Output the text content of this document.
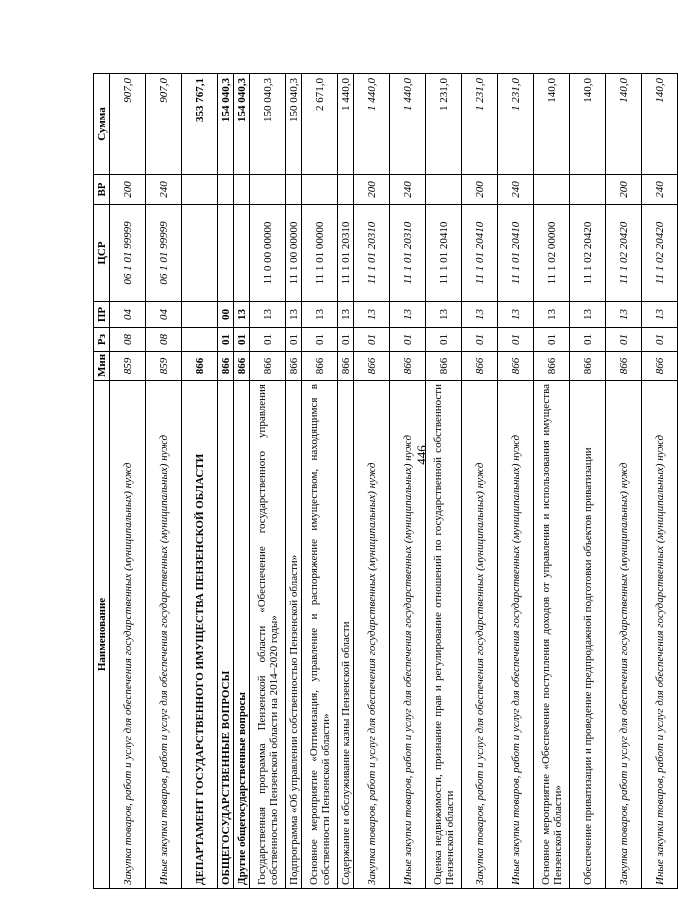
446
Наименование	Мин	Рз	ПР	ЦСР	ВР	Сумма
Закупка товаров, работ и услуг для обеспечения государственных (муниципальных) нужд	859	08	04	06 1 01 99999	200	907,0
Иные закупки товаров, работ и услуг для обеспечения государственных (муниципальных) нужд	859	08	04	06 1 01 99999	240	907,0
ДЕПАРТАМЕНТ ГОСУДАРСТВЕННОГО ИМУЩЕСТВА ПЕНЗЕНСКОЙ ОБЛАСТИ	866					353 767,1
ОБЩЕГОСУДАРСТВЕННЫЕ ВОПРОСЫ	866	01	00			154 040,3
Другие общегосударственные вопросы	866	01	13			154 040,3
Государственная программа Пензенской области «Обеспечение государственного управления собственностью Пензенской области на 2014–2020 годы»	866	01	13	11 0 00 00000		150 040,3
Подпрограмма «Об управлении собственностью Пензенской области»	866	01	13	11 1 00 00000		150 040,3
Основное мероприятие «Оптимизация, управление и распоряжение имуществом, находящимся в собственности Пензенской области»	866	01	13	11 1 01 00000		2 671,0
Содержание и обслуживание казны Пензенской области	866	01	13	11 1 01 20310		1 440,0
Закупка товаров, работ и услуг для обеспечения государственных (муниципальных) нужд	866	01	13	11 1 01 20310	200	1 440,0
Иные закупки товаров, работ и услуг для обеспечения государственных (муниципальных) нужд	866	01	13	11 1 01 20310	240	1 440,0
Оценка недвижимости, признание прав и регулирование отношений по государственной собственности Пензенской области	866	01	13	11 1 01 20410		1 231,0
Закупка товаров, работ и услуг для обеспечения государственных (муниципальных) нужд	866	01	13	11 1 01 20410	200	1 231,0
Иные закупки товаров, работ и услуг для обеспечения государственных (муниципальных) нужд	866	01	13	11 1 01 20410	240	1 231,0
Основное мероприятие «Обеспечение поступления доходов от управления и использования имущества Пензенской области»	866	01	13	11 1 02 00000		140,0
Обеспечение приватизации и проведение предпродажной подготовки объектов приватизации	866	01	13	11 1 02 20420		140,0
Закупка товаров, работ и услуг для обеспечения государственных (муниципальных) нужд	866	01	13	11 1 02 20420	200	140,0
Иные закупки товаров, работ и услуг для обеспечения государственных (муниципальных) нужд	866	01	13	11 1 02 20420	240	140,0
